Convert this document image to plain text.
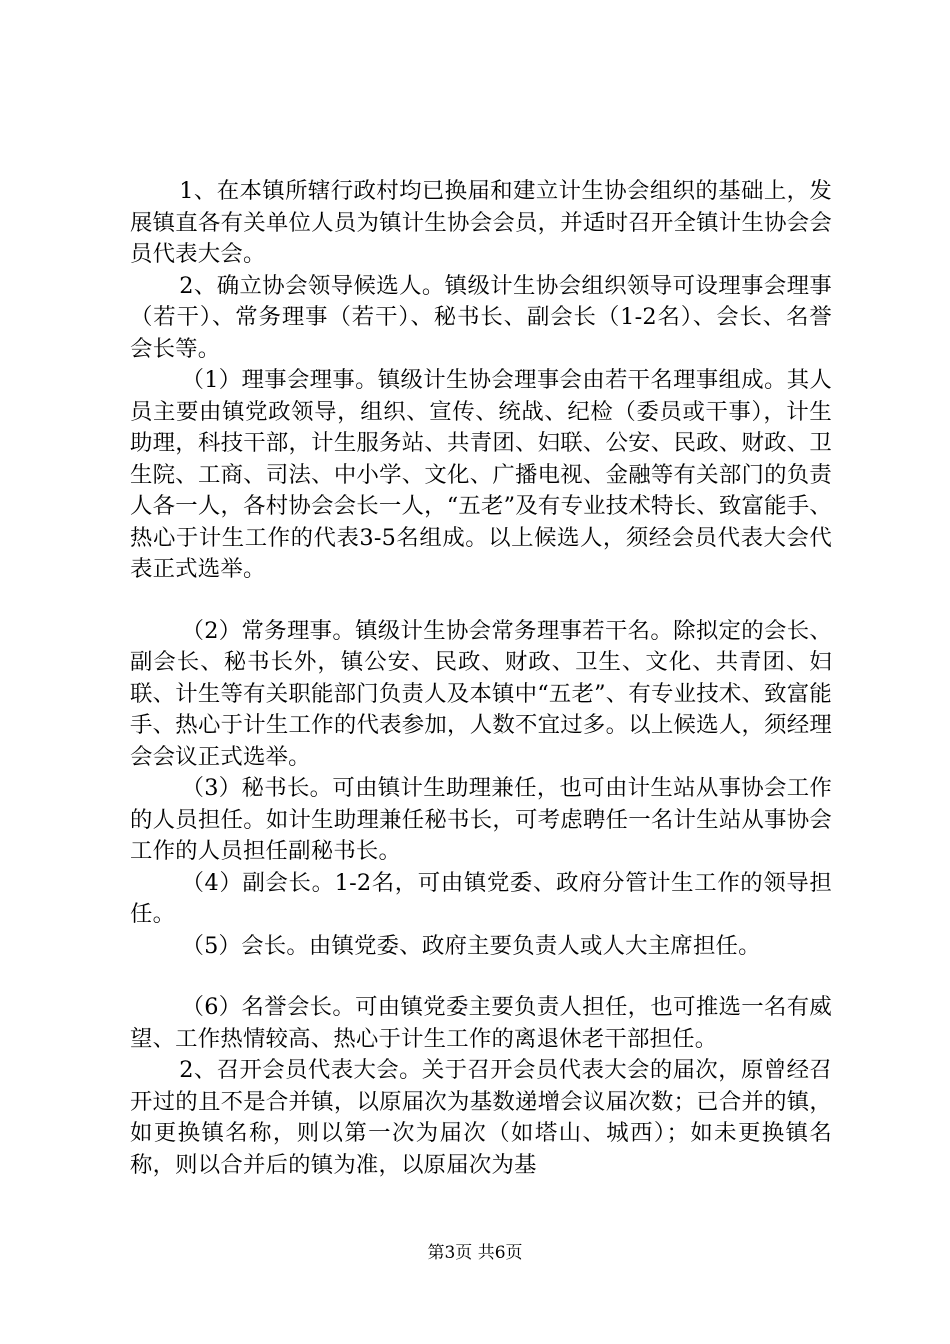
1、在本镇所辖行政村均已换届和建立计生协会组织的基础上，发展镇直各有关单位人员为镇计生协会会员，并适时召开全镇计生协会会员代表大会。

2、确立协会领导候选人。镇级计生协会组织领导可设理事会理事（若干）、常务理事（若干）、秘书长、副会长（1-2名）、会长、名誉会长等。

（1）理事会理事。镇级计生协会理事会由若干名理事组成。其人员主要由镇党政领导，组织、宣传、统战、纪检（委员或干事），计生助理，科技干部，计生服务站、共青团、妇联、公安、民政、财政、卫生院、工商、司法、中小学、文化、广播电视、金融等有关部门的负责人各一人，各村协会会长一人，“五老”及有专业技术特长、致富能手、热心于计生工作的代表3-5名组成。以上候选人，须经会员代表大会代表正式选举。

（2）常务理事。镇级计生协会常务理事若干名。除拟定的会长、副会长、秘书长外，镇公安、民政、财政、卫生、文化、共青团、妇联、计生等有关职能部门负责人及本镇中“五老”、有专业技术、致富能手、热心于计生工作的代表参加，人数不宜过多。以上候选人，须经理会会议正式选举。

（3）秘书长。可由镇计生助理兼任，也可由计生站从事协会工作的人员担任。如计生助理兼任秘书长，可考虑聘任一名计生站从事协会工作的人员担任副秘书长。

（4）副会长。1-2名，可由镇党委、政府分管计生工作的领导担任。

（5）会长。由镇党委、政府主要负责人或人大主席担任。

（6）名誉会长。可由镇党委主要负责人担任，也可推选一名有威望、工作热情较高、热心于计生工作的离退休老干部担任。

2、召开会员代表大会。关于召开会员代表大会的届次，原曾经召开过的且不是合并镇，以原届次为基数递增会议届次数；已合并的镇，如更换镇名称，则以第一次为届次（如塔山、城西）；如未更换镇名称，则以合并后的镇为准，以原届次为基

第3页 共6页
